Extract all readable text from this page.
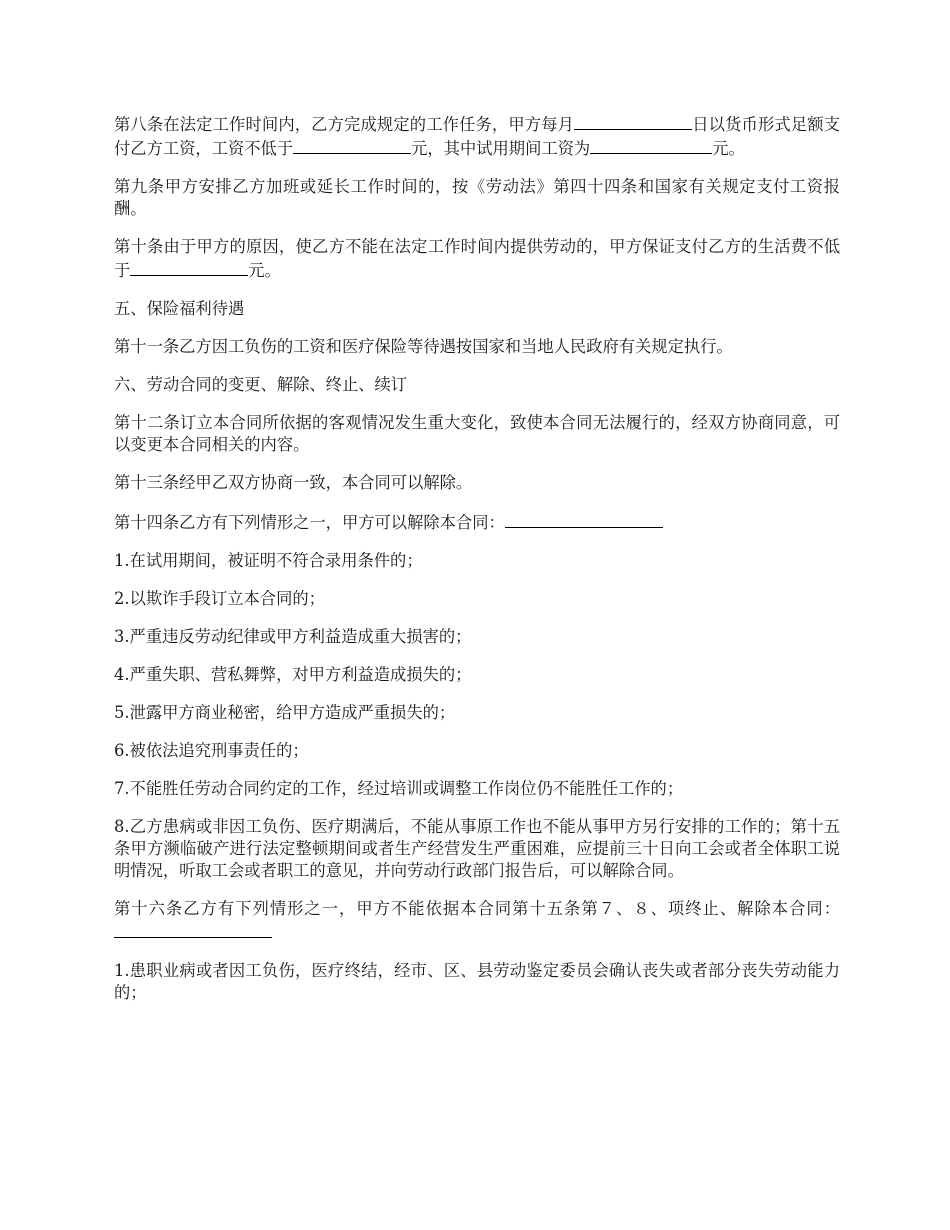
第八条在法定工作时间内，乙方完成规定的工作任务，甲方每月	日以货币形式足额支付乙方工资，工资不低于	元，其中试用期间工资为	元。

第九条甲方安排乙方加班或延长工作时间的，按《劳动法》第四十四条和国家有关规定支付工资报酬。

第十条由于甲方的原因，使乙方不能在法定工作时间内提供劳动的，甲方保证支付乙方的生活费不低于	元。

五、保险福利待遇

第十一条乙方因工负伤的工资和医疗保险等待遇按国家和当地人民政府有关规定执行。

六、劳动合同的变更、解除、终止、续订

第十二条订立本合同所依据的客观情况发生重大变化，致使本合同无法履行的，经双方协商同意，可以变更本合同相关的内容。

第十三条经甲乙双方协商一致，本合同可以解除。

第十四条乙方有下列情形之一，甲方可以解除本合同：

1.在试用期间，被证明不符合录用条件的；

2.以欺诈手段订立本合同的；

3.严重违反劳动纪律或甲方利益造成重大损害的；

4.严重失职、营私舞弊，对甲方利益造成损失的；

5.泄露甲方商业秘密，给甲方造成严重损失的；

6.被依法追究刑事责任的；

7.不能胜任劳动合同约定的工作，经过培训或调整工作岗位仍不能胜任工作的；

8.乙方患病或非因工负伤、医疗期满后，不能从事原工作也不能从事甲方另行安排的工作的；第十五条甲方濒临破产进行法定整顿期间或者生产经营发生严重困难，应提前三十日向工会或者全体职工说明情况，听取工会或者职工的意见，并向劳动行政部门报告后，可以解除合同。

第十六条乙方有下列情形之一，甲方不能依据本合同第十五条第７、８、项终止、解除本合同：

1.患职业病或者因工负伤，医疗终结，经市、区、县劳动鉴定委员会确认丧失或者部分丧失劳动能力的；
